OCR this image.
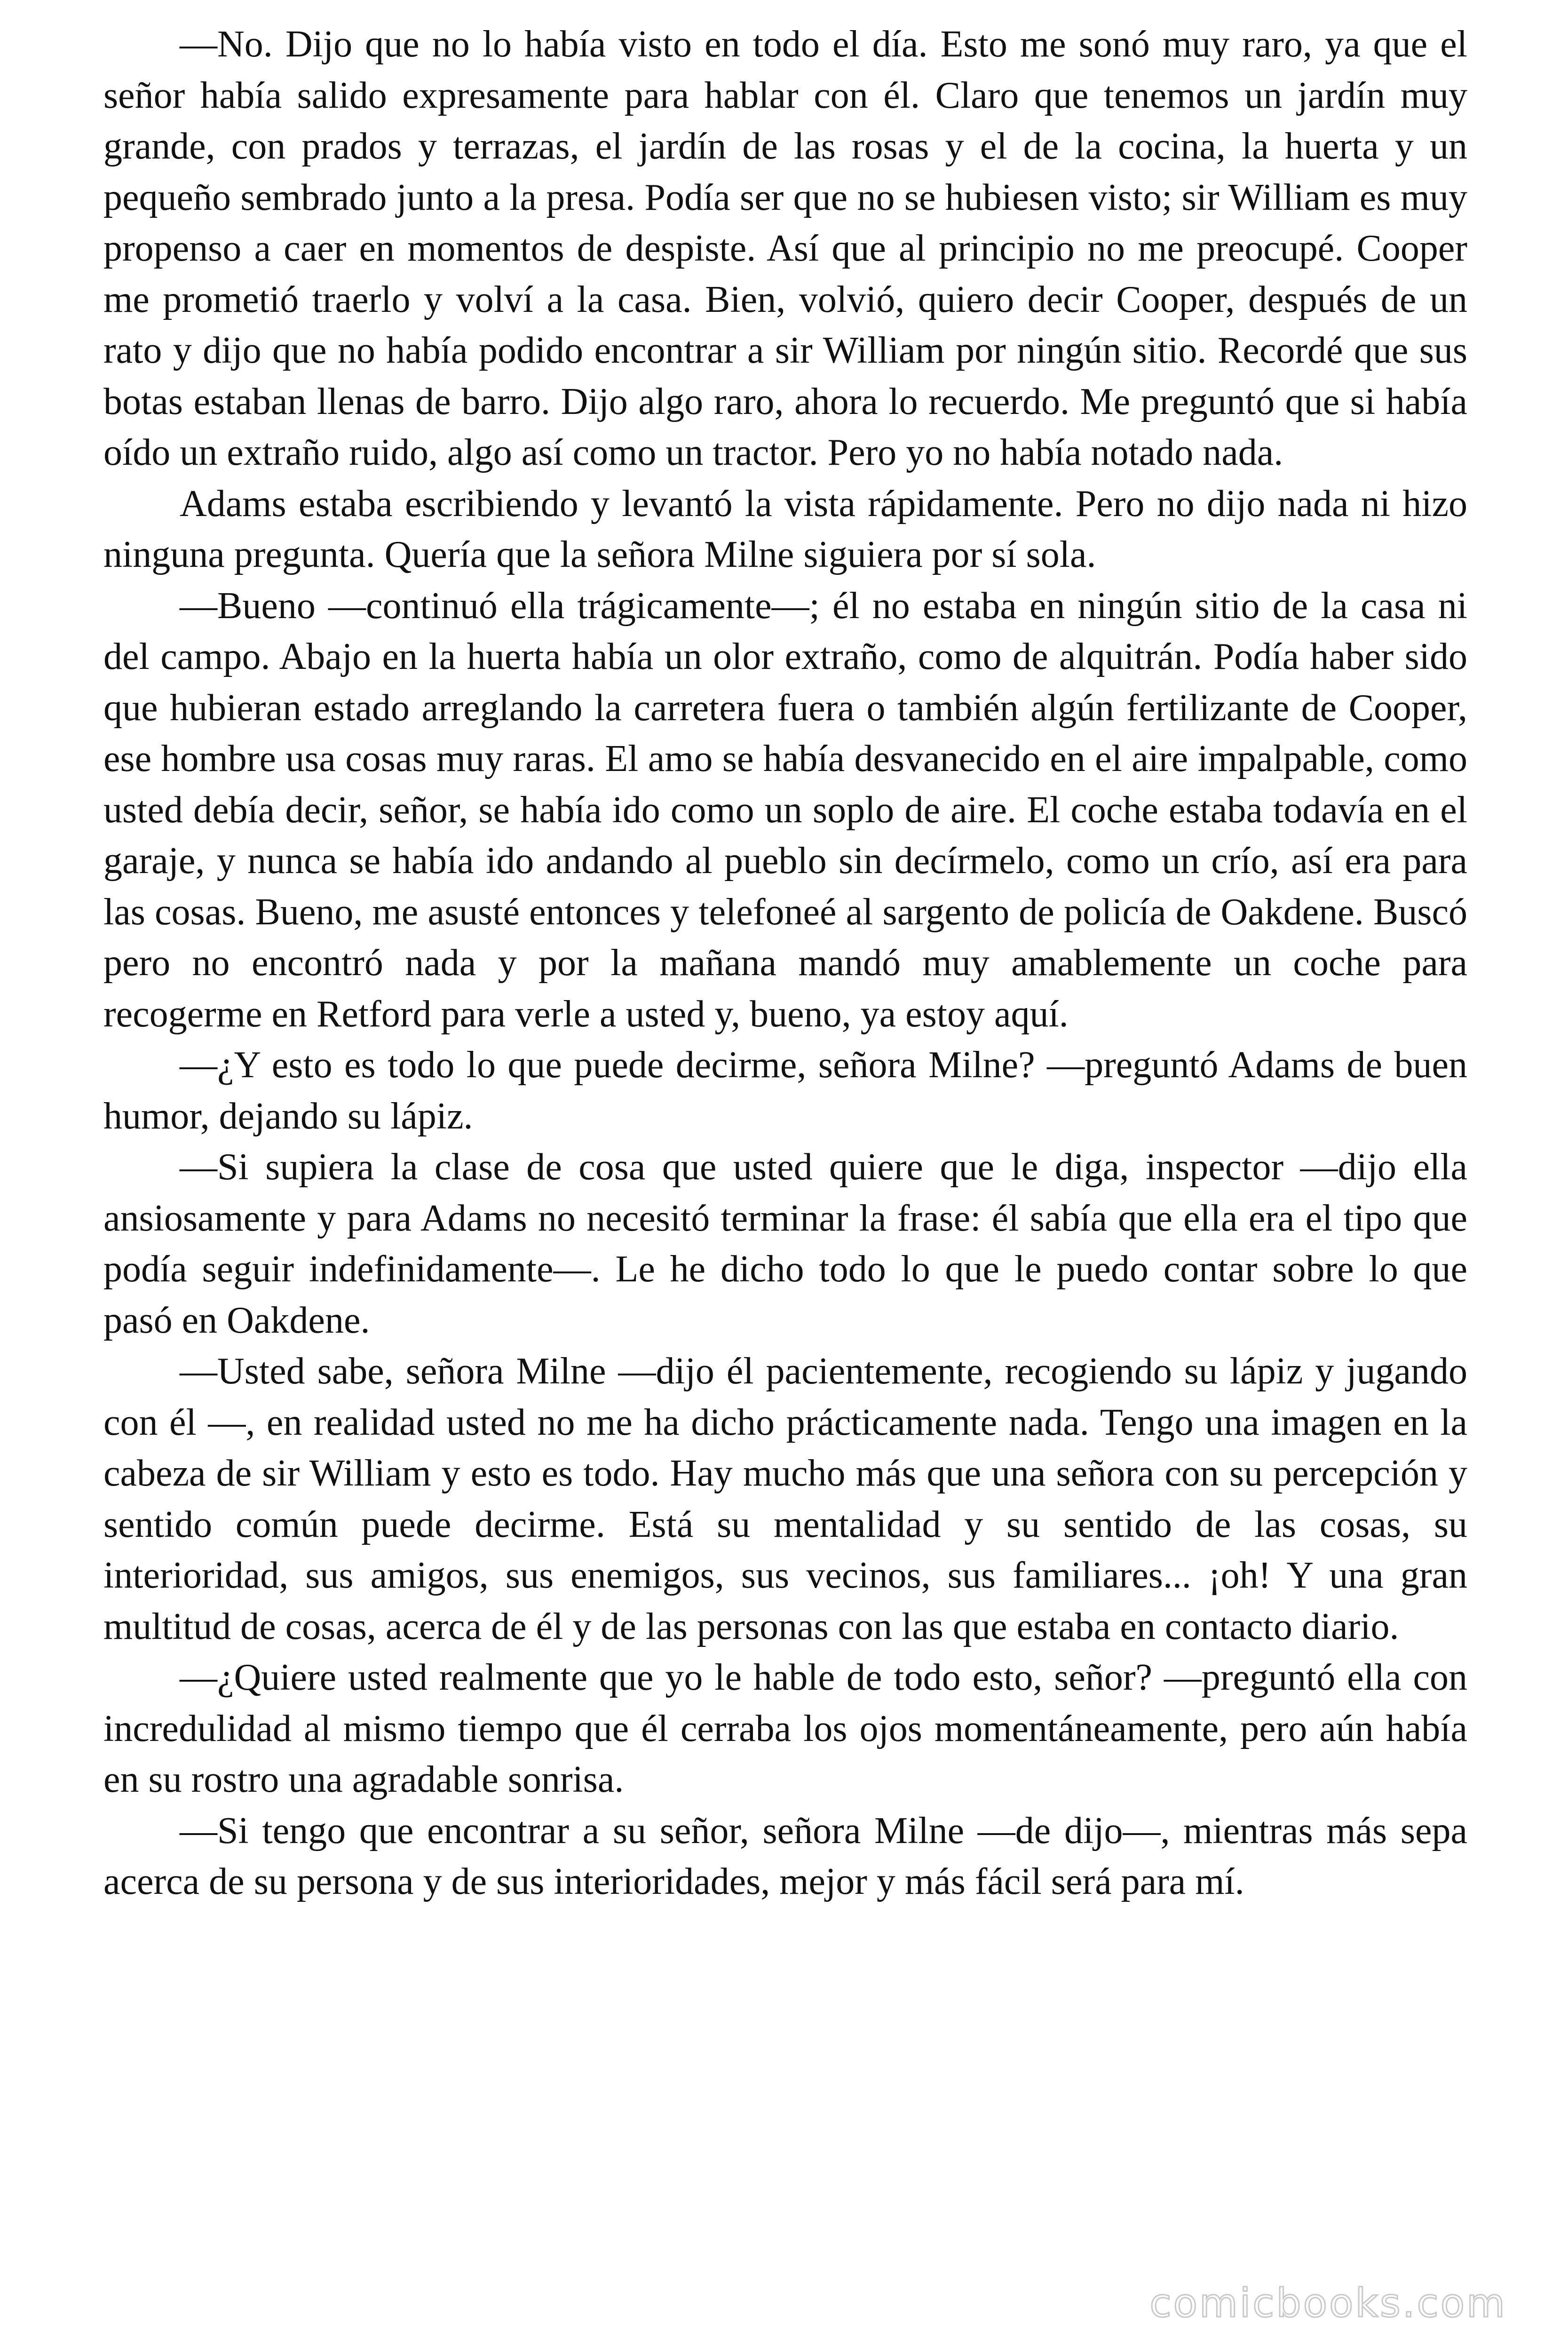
—No. Dijo que no lo había visto en todo el día. Esto me sonó muy raro, ya que el señor había salido expresamente para hablar con él. Claro que tenemos un jardín muy grande, con prados y terrazas, el jardín de las rosas y el de la cocina, la huerta y un pequeño sembrado junto a la presa. Podía ser que no se hubiesen visto; sir William es muy propenso a caer en momentos de despiste. Así que al principio no me preocupé. Cooper me prometió traerlo y volví a la casa. Bien, volvió, quiero decir Cooper, después de un rato y dijo que no había podido encontrar a sir William por ningún sitio. Recordé que sus botas estaban llenas de barro. Dijo algo raro, ahora lo recuerdo. Me preguntó que si había oído un extraño ruido, algo así como un tractor. Pero yo no había notado nada.

Adams estaba escribiendo y levantó la vista rápidamente. Pero no dijo nada ni hizo ninguna pregunta. Quería que la señora Milne siguiera por sí sola.

—Bueno —continuó ella trágicamente—; él no estaba en ningún sitio de la casa ni del campo. Abajo en la huerta había un olor extraño, como de alquitrán. Podía haber sido que hubieran estado arreglando la carretera fuera o también algún fertilizante de Cooper, ese hombre usa cosas muy raras. El amo se había desvanecido en el aire impalpable, como usted debía decir, señor, se había ido como un soplo de aire. El coche estaba todavía en el garaje, y nunca se había ido andando al pueblo sin decírmelo, como un crío, así era para las cosas. Bueno, me asusté entonces y telefoneé al sargento de policía de Oakdene. Buscó pero no encontró nada y por la mañana mandó muy amablemente un coche para recogerme en Retford para verle a usted y, bueno, ya estoy aquí.

—¿Y esto es todo lo que puede decirme, señora Milne? —preguntó Adams de buen humor, dejando su lápiz.

—Si supiera la clase de cosa que usted quiere que le diga, inspector —dijo ella ansiosamente y para Adams no necesitó terminar la frase: él sabía que ella era el tipo que podía seguir indefinidamente—. Le he dicho todo lo que le puedo contar sobre lo que pasó en Oakdene.

—Usted sabe, señora Milne —dijo él pacientemente, recogiendo su lápiz y jugando con él —, en realidad usted no me ha dicho prácticamente nada. Tengo una imagen en la cabeza de sir William y esto es todo. Hay mucho más que una señora con su percepción y sentido común puede decirme. Está su mentalidad y su sentido de las cosas, su interioridad, sus amigos, sus enemigos, sus vecinos, sus familiares... ¡oh! Y una gran multitud de cosas, acerca de él y de las personas con las que estaba en contacto diario.

—¿Quiere usted realmente que yo le hable de todo esto, señor? —preguntó ella con incredulidad al mismo tiempo que él cerraba los ojos momentáneamente, pero aún había en su rostro una agradable sonrisa.

—Si tengo que encontrar a su señor, señora Milne —de dijo—, mientras más sepa acerca de su persona y de sus interioridades, mejor y más fácil será para mí.

comicbooks.com
